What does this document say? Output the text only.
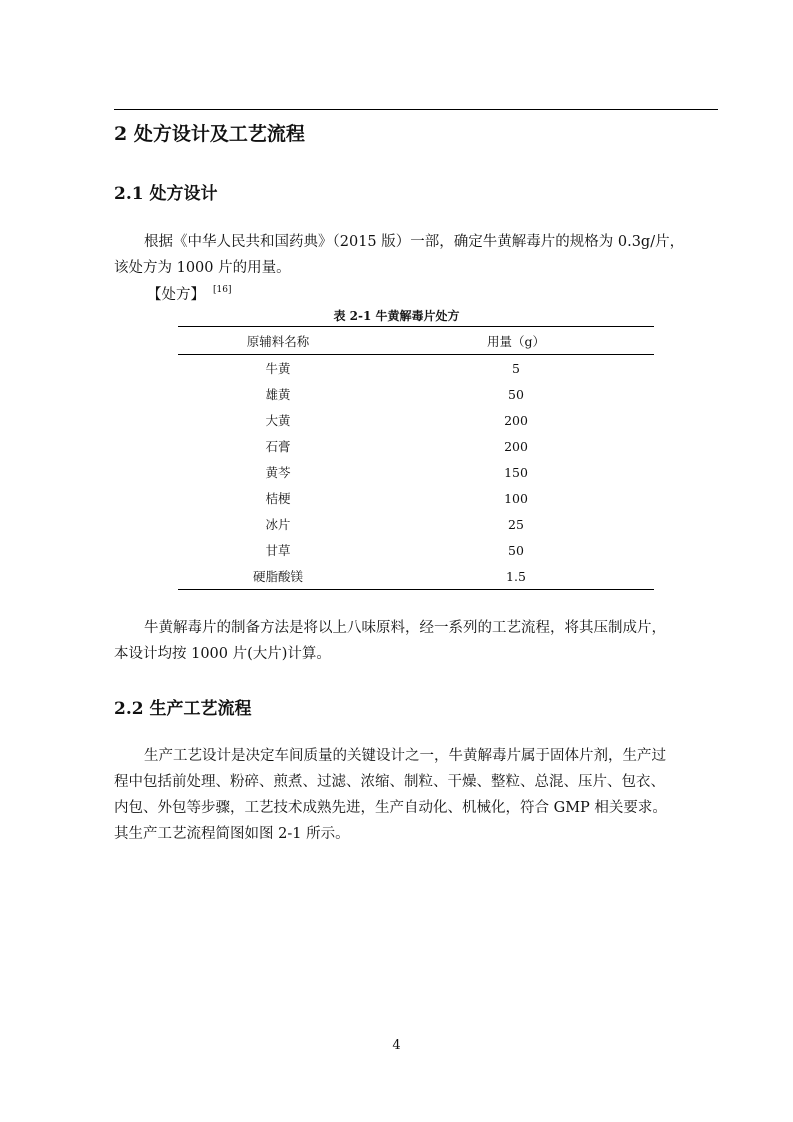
2 处方设计及工艺流程
2.1 处方设计
根据《中华人民共和国药典》（2015 版）一部，确定牛黄解毒片的规格为 0.3g/片，
该处方为 1000 片的用量。
【处方】 [16]
表 2-1 牛黄解毒片处方
原辅料名称	用量（g）
牛黄	5
雄黄	50
大黄	200
石膏	200
黄芩	150
桔梗	100
冰片	25
甘草	50
硬脂酸镁	1.5
牛黄解毒片的制备方法是将以上八味原料，经一系列的工艺流程，将其压制成片，
本设计均按 1000 片(大片)计算。
2.2 生产工艺流程
生产工艺设计是决定车间质量的关键设计之一，牛黄解毒片属于固体片剂，生产过
程中包括前处理、粉碎、煎煮、过滤、浓缩、制粒、干燥、整粒、总混、压片、包衣、
内包、外包等步骤，工艺技术成熟先进，生产自动化、机械化，符合 GMP 相关要求。
其生产工艺流程简图如图 2-1 所示。
4
